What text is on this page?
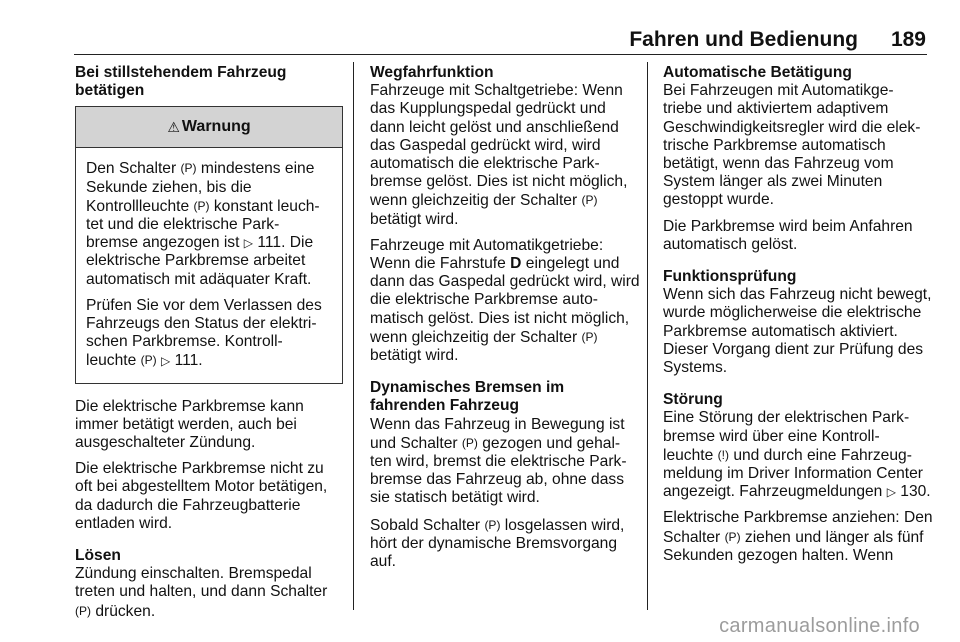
Fahren und Bedienung 189

Bei stillstehendem Fahrzeug betätigen

⚠ Warnung

Den Schalter (P) mindestens eine Sekunde ziehen, bis die Kontrollleuchte (P) konstant leuch- tet und die elektrische Park- bremse angezogen ist ▷ 111. Die elektrische Parkbremse arbeitet automatisch mit adäquater Kraft.

Prüfen Sie vor dem Verlassen des Fahrzeugs den Status der elektri- schen Parkbremse. Kontroll- leuchte (P) ▷ 111.

Die elektrische Parkbremse kann immer betätigt werden, auch bei ausgeschalteter Zündung.

Die elektrische Parkbremse nicht zu oft bei abgestelltem Motor betätigen, da dadurch die Fahrzeugbatterie entladen wird.

Lösen

Zündung einschalten. Bremspedal treten und halten, und dann Schalter (P) drücken.

Wegfahrfunktion

Fahrzeuge mit Schaltgetriebe: Wenn das Kupplungspedal gedrückt und dann leicht gelöst und anschließend das Gaspedal gedrückt wird, wird automatisch die elektrische Park- bremse gelöst. Dies ist nicht möglich, wenn gleichzeitig der Schalter (P) betätigt wird.

Fahrzeuge mit Automatikgetriebe: Wenn die Fahrstufe D eingelegt und dann das Gaspedal gedrückt wird, wird die elektrische Parkbremse auto- matisch gelöst. Dies ist nicht möglich, wenn gleichzeitig der Schalter (P) betätigt wird.

Dynamisches Bremsen im fahrenden Fahrzeug

Wenn das Fahrzeug in Bewegung ist und Schalter (P) gezogen und gehal- ten wird, bremst die elektrische Park- bremse das Fahrzeug ab, ohne dass sie statisch betätigt wird.

Sobald Schalter (P) losgelassen wird, hört der dynamische Bremsvorgang auf.

Automatische Betätigung

Bei Fahrzeugen mit Automatikge- triebe und aktiviertem adaptivem Geschwindigkeitsregler wird die elek- trische Parkbremse automatisch betätigt, wenn das Fahrzeug vom System länger als zwei Minuten gestoppt wurde.

Die Parkbremse wird beim Anfahren automatisch gelöst.

Funktionsprüfung

Wenn sich das Fahrzeug nicht bewegt, wurde möglicherweise die elektrische Parkbremse automatisch aktiviert. Dieser Vorgang dient zur Prüfung des Systems.

Störung

Eine Störung der elektrischen Park- bremse wird über eine Kontroll- leuchte (!) und durch eine Fahrzeug- meldung im Driver Information Center angezeigt. Fahrzeugmeldungen ▷ 130.

Elektrische Parkbremse anziehen: Den Schalter (P) ziehen und länger als fünf Sekunden gezogen halten. Wenn

carmanualsonline.info
